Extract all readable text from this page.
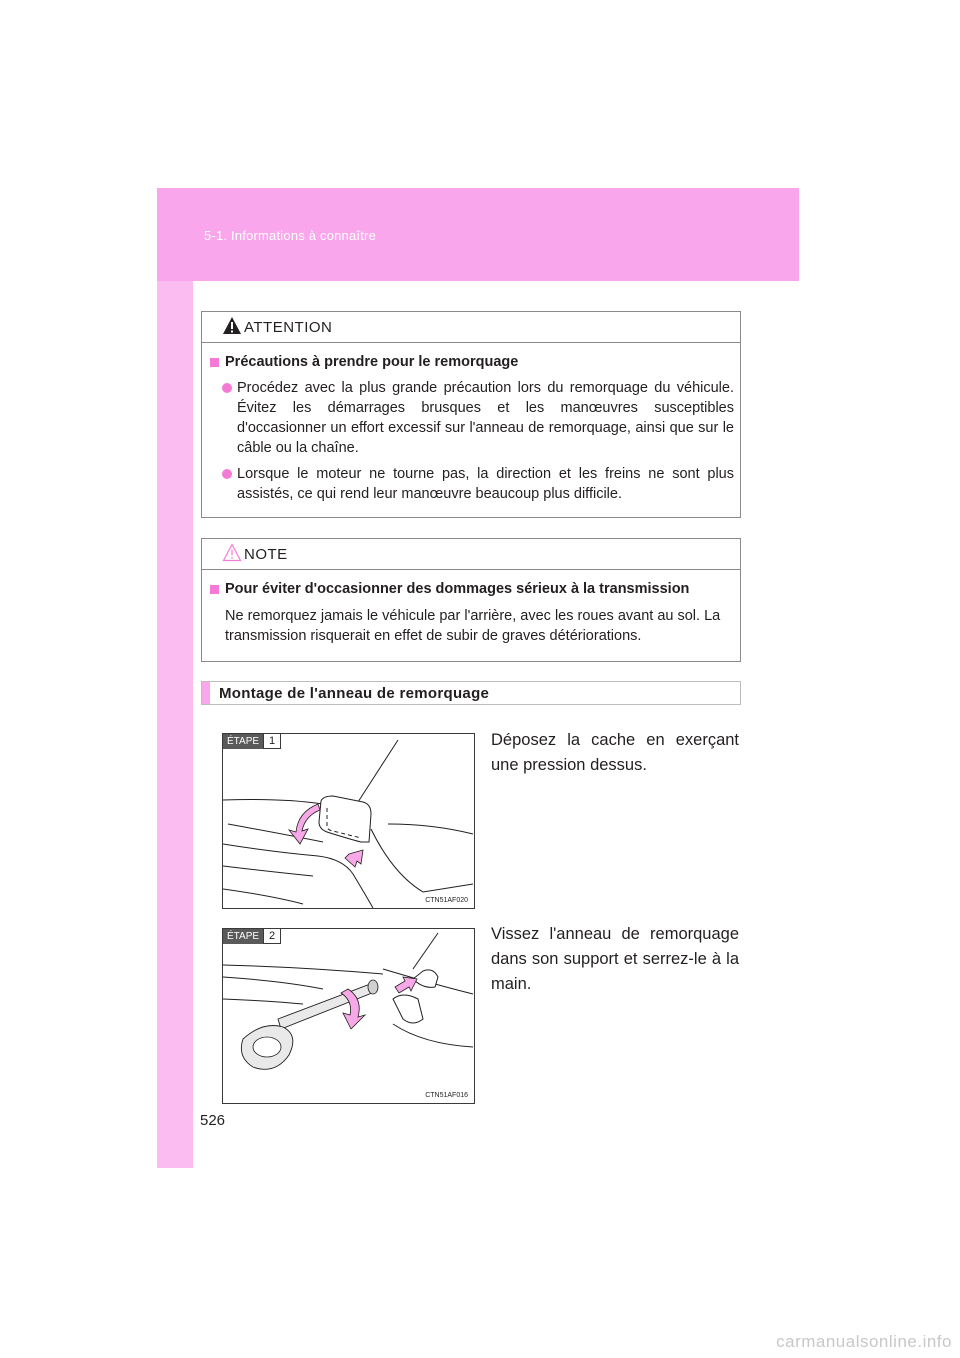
5-1. Informations à connaître
ATTENTION
Précautions à prendre pour le remorquage
Procédez avec la plus grande précaution lors du remorquage du véhicule. Évitez les démarrages brusques et les manœuvres susceptibles d'occasionner un effort excessif sur l'anneau de remorquage, ainsi que sur le câble ou la chaîne.
Lorsque le moteur ne tourne pas, la direction et les freins ne sont plus assistés, ce qui rend leur manœuvre beaucoup plus difficile.
NOTE
Pour éviter d'occasionner des dommages sérieux à la transmission
Ne remorquez jamais le véhicule par l'arrière, avec les roues avant au sol. La transmission risquerait en effet de subir de graves détériorations.
Montage de l'anneau de remorquage
ÉTAPE 1
CTN51AF020
Déposez la cache en exerçant une pression dessus.
ÉTAPE 2
CTN51AF016
Vissez l'anneau de remorquage dans son support et serrez-le à la main.
526
carmanualsonline.info
